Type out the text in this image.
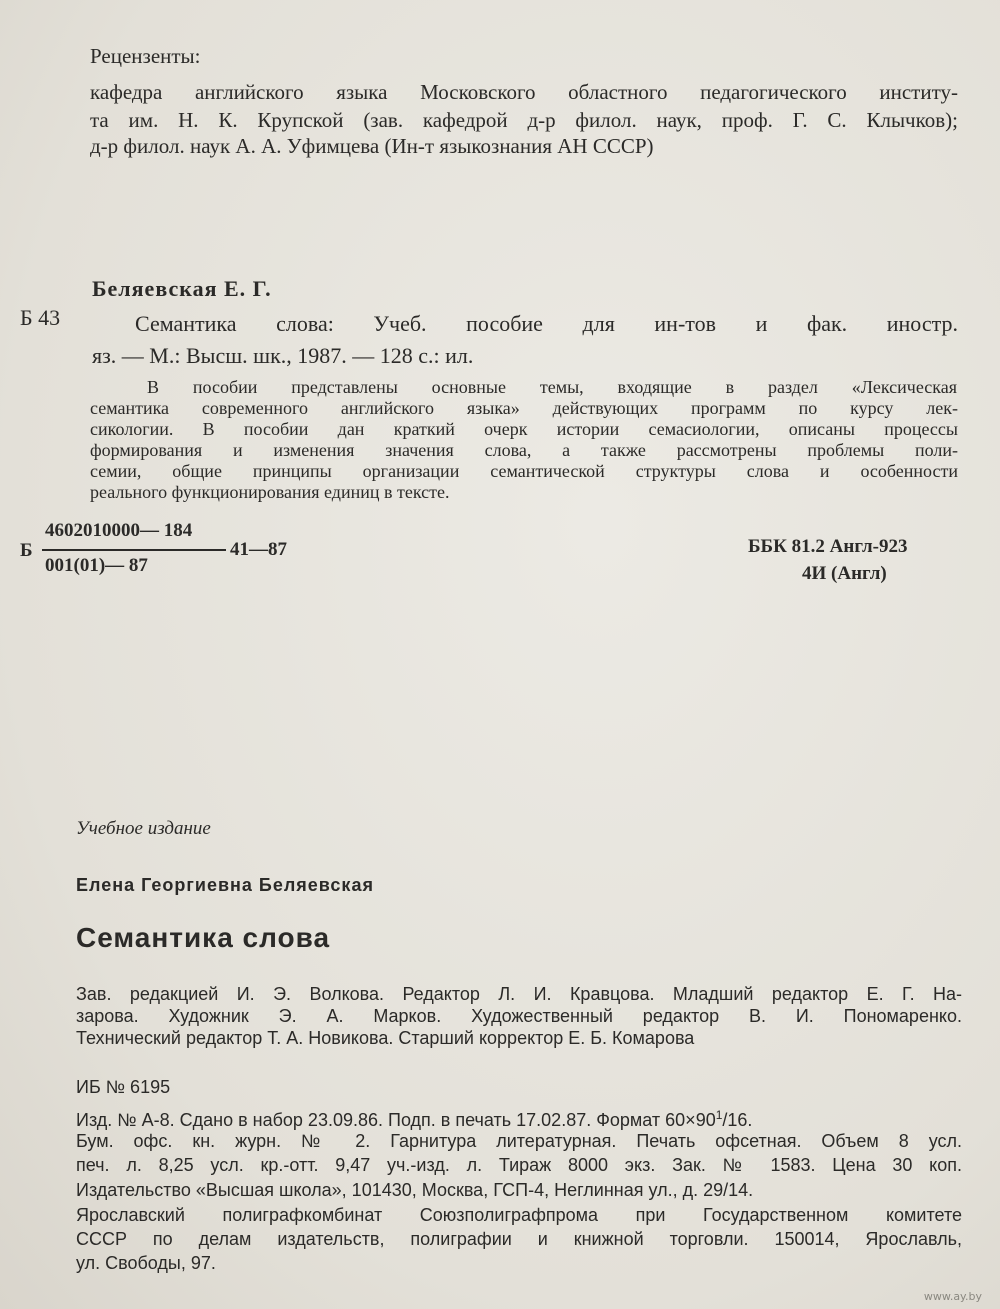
Рецензенты:
кафедра английского языка Московского областного педагогического институ-
та им. Н. К. Крупской (зав. кафедрой д-р филол. наук, проф. Г. С. Клычков);
д-р филол. наук А. А. Уфимцева (Ин-т языкознания АН СССР)
Беляевская Е. Г.
Б 43	Семантика слова: Учеб. пособие для ин-тов и фак. иностр.
яз. — М.: Высш. шк., 1987. — 128 с.: ил.
В пособии представлены основные темы, входящие в раздел «Лексическая
семантика современного английского языка» действующих программ по курсу лек-
сикологии. В пособии дан краткий очерк истории семасиологии, описаны процессы
формирования и изменения значения слова, а также рассмотрены проблемы поли-
семии, общие принципы организации семантической структуры слова и особенности
реального функционирования единиц в тексте.
Б
4602010000— 184
001(01)— 87
41—87	ББК 81.2 Англ-923
4И (Англ)
Учебное издание
Елена Георгиевна Беляевская
Семантика слова
Зав. редакцией И. Э. Волкова. Редактор Л. И. Кравцова. Младший редактор Е. Г. На-
зарова. Художник Э. А. Марков. Художественный редактор В. И. Пономаренко.
Технический редактор Т. А. Новикова. Старший корректор Е. Б. Комарова
ИБ № 6195
Изд. № А-8. Сдано в набор 23.09.86. Подп. в печать 17.02.87. Формат $60\times 90^1/16$.
Бум. офс. кн. журн. № 2. Гарнитура литературная. Печать офсетная. Объем 8 усл.
печ. л. 8,25 усл. кр.-отт. 9,47 уч.-изд. л. Тираж 8000 экз. Зак. № 1583. Цена 30 коп.
Издательство «Высшая школа», 101430, Москва, ГСП-4, Неглинная ул., д. 29/14.
Ярославский полиграфкомбинат Союзполиграфпрома при Государственном комитете
СССР по делам издательств, полиграфии и книжной торговли. 150014, Ярославль,
ул. Свободы, 97.
www.ay.by
